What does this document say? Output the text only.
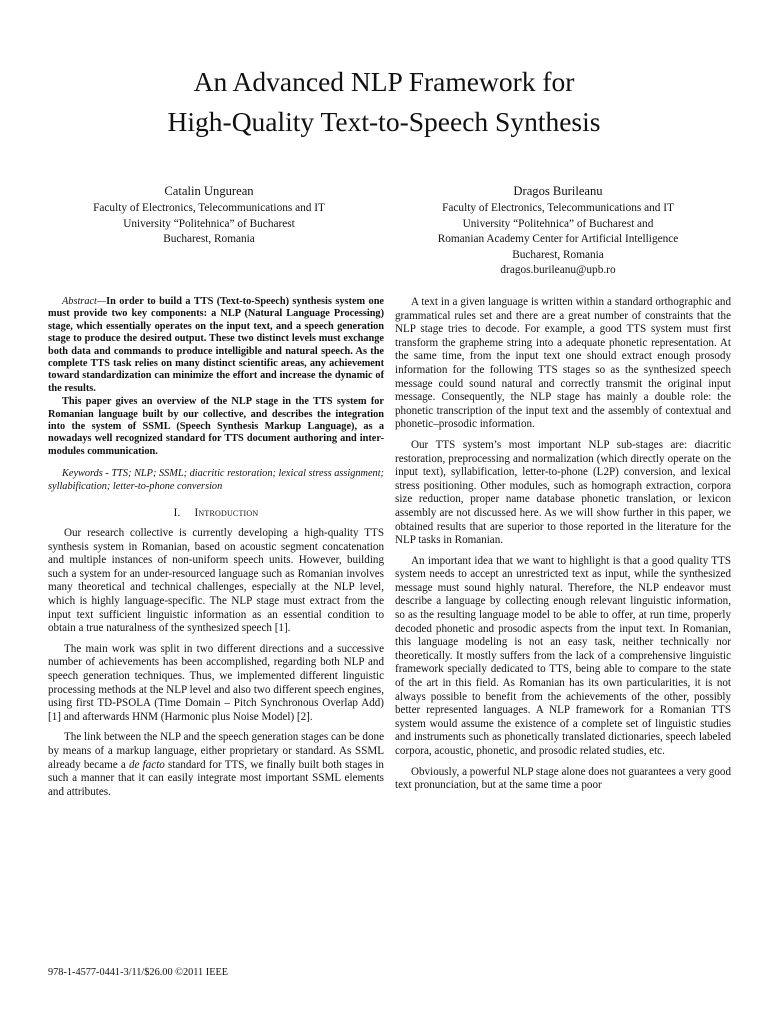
An Advanced NLP Framework for
High-Quality Text-to-Speech Synthesis
Catalin Ungurean
Faculty of Electronics, Telecommunications and IT
University “Politehnica” of Bucharest
Bucharest, Romania
Dragos Burileanu
Faculty of Electronics, Telecommunications and IT
University “Politehnica” of Bucharest and
Romanian Academy Center for Artificial Intelligence
Bucharest, Romania
dragos.burileanu@upb.ro

Abstract—In order to build a TTS (Text-to-Speech) synthesis system one must provide two key components: a NLP (Natural Language Processing) stage, which essentially operates on the input text, and a speech generation stage to produce the desired output. These two distinct levels must exchange both data and commands to produce intelligible and natural speech. As the complete TTS task relies on many distinct scientific areas, any achievement toward standardization can minimize the effort and increase the dynamic of the results.

This paper gives an overview of the NLP stage in the TTS system for Romanian language built by our collective, and describes the integration into the system of SSML (Speech Synthesis Markup Language), as a nowadays well recognized standard for TTS document authoring and inter-modules communication.

Keywords - TTS; NLP; SSML; diacritic restoration; lexical stress assignment; syllabification; letter-to-phone conversion
I. Introduction

Our research collective is currently developing a high-quality TTS synthesis system in Romanian, based on acoustic segment concatenation and multiple instances of non-uniform speech units. However, building such a system for an under-resourced language such as Romanian involves many theoretical and technical challenges, especially at the NLP level, which is highly language-specific. The NLP stage must extract from the input text sufficient linguistic information as an essential condition to obtain a true naturalness of the synthesized speech [1].

The main work was split in two different directions and a successive number of achievements has been accomplished, regarding both NLP and speech generation techniques. Thus, we implemented different linguistic processing methods at the NLP level and also two different speech engines, using first TD-PSOLA (Time Domain – Pitch Synchronous Overlap Add) [1] and afterwards HNM (Harmonic plus Noise Model) [2].

The link between the NLP and the speech generation stages can be done by means of a markup language, either proprietary or standard. As SSML already became a de facto standard for TTS, we finally built both stages in such a manner that it can easily integrate most important SSML elements and attributes.

A text in a given language is written within a standard orthographic and grammatical rules set and there are a great number of constraints that the NLP stage tries to decode. For example, a good TTS system must first transform the grapheme string into a adequate phonetic representation. At the same time, from the input text one should extract enough prosody information for the following TTS stages so as the synthesized speech message could sound natural and correctly transmit the original input message. Consequently, the NLP stage has mainly a double role: the phonetic transcription of the input text and the assembly of contextual and phonetic–prosodic information.

Our TTS system’s most important NLP sub-stages are: diacritic restoration, preprocessing and normalization (which directly operate on the input text), syllabification, letter-to-phone (L2P) conversion, and lexical stress positioning. Other modules, such as homograph extraction, corpora size reduction, proper name database phonetic translation, or lexicon assembly are not discussed here. As we will show further in this paper, we obtained results that are superior to those reported in the literature for the NLP tasks in Romanian.

An important idea that we want to highlight is that a good quality TTS system needs to accept an unrestricted text as input, while the synthesized message must sound highly natural. Therefore, the NLP endeavor must describe a language by collecting enough relevant linguistic information, so as the resulting language model to be able to offer, at run time, properly decoded phonetic and prosodic aspects from the input text. In Romanian, this language modeling is not an easy task, neither technically nor theoretically. It mostly suffers from the lack of a comprehensive linguistic framework specially dedicated to TTS, being able to compare to the state of the art in this field. As Romanian has its own particularities, it is not always possible to benefit from the achievements of the other, possibly better represented languages. A NLP framework for a Romanian TTS system would assume the existence of a complete set of linguistic studies and instruments such as phonetically translated dictionaries, speech labeled corpora, acoustic, phonetic, and prosodic related studies, etc.

Obviously, a powerful NLP stage alone does not guarantees a very good text pronunciation, but at the same time a poor

978-1-4577-0441-3/11/$26.00 ©2011 IEEE
